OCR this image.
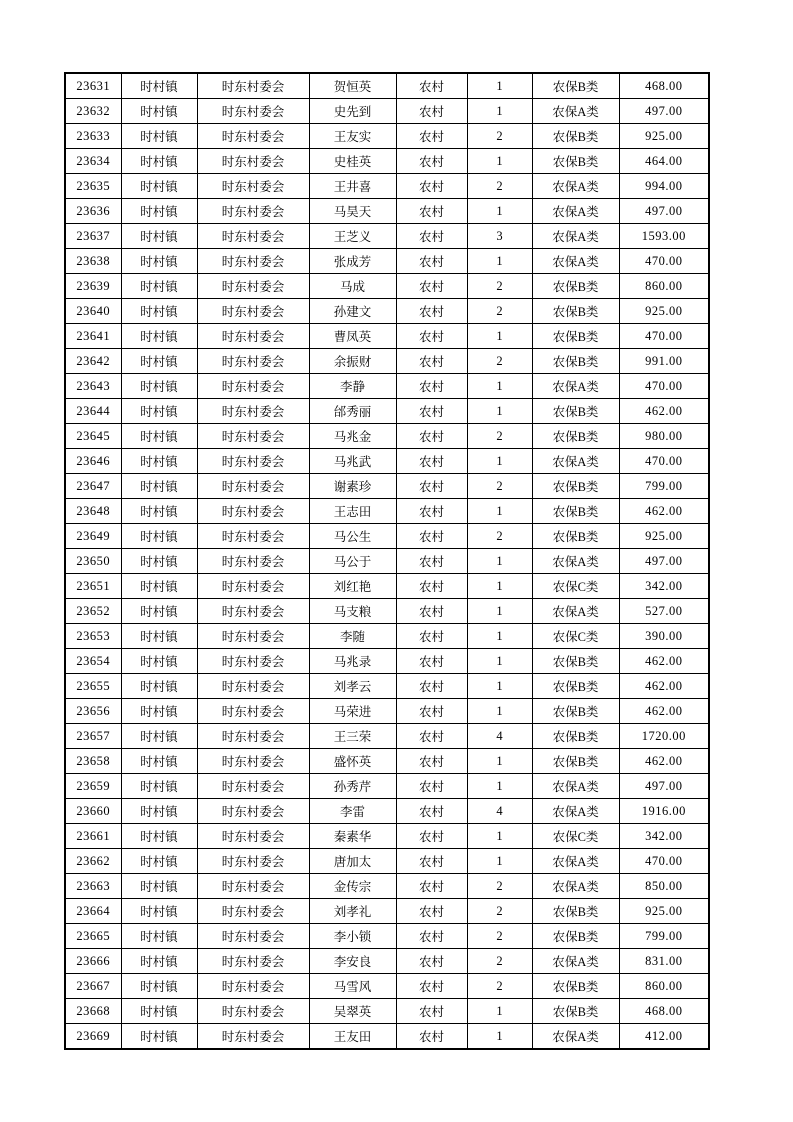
23631	时村镇	时东村委会	贺恒英	农村	1	农保B类	468.00
23632	时村镇	时东村委会	史先到	农村	1	农保A类	497.00
23633	时村镇	时东村委会	王友实	农村	2	农保B类	925.00
23634	时村镇	时东村委会	史桂英	农村	1	农保B类	464.00
23635	时村镇	时东村委会	王井喜	农村	2	农保A类	994.00
23636	时村镇	时东村委会	马昊天	农村	1	农保A类	497.00
23637	时村镇	时东村委会	王芝义	农村	3	农保A类	1593.00
23638	时村镇	时东村委会	张成芳	农村	1	农保A类	470.00
23639	时村镇	时东村委会	马成	农村	2	农保B类	860.00
23640	时村镇	时东村委会	孙建文	农村	2	农保B类	925.00
23641	时村镇	时东村委会	曹凤英	农村	1	农保B类	470.00
23642	时村镇	时东村委会	余振财	农村	2	农保B类	991.00
23643	时村镇	时东村委会	李静	农村	1	农保A类	470.00
23644	时村镇	时东村委会	邰秀丽	农村	1	农保B类	462.00
23645	时村镇	时东村委会	马兆金	农村	2	农保B类	980.00
23646	时村镇	时东村委会	马兆武	农村	1	农保A类	470.00
23647	时村镇	时东村委会	谢素珍	农村	2	农保B类	799.00
23648	时村镇	时东村委会	王志田	农村	1	农保B类	462.00
23649	时村镇	时东村委会	马公生	农村	2	农保B类	925.00
23650	时村镇	时东村委会	马公于	农村	1	农保A类	497.00
23651	时村镇	时东村委会	刘红艳	农村	1	农保C类	342.00
23652	时村镇	时东村委会	马支粮	农村	1	农保A类	527.00
23653	时村镇	时东村委会	李随	农村	1	农保C类	390.00
23654	时村镇	时东村委会	马兆录	农村	1	农保B类	462.00
23655	时村镇	时东村委会	刘孝云	农村	1	农保B类	462.00
23656	时村镇	时东村委会	马荣进	农村	1	农保B类	462.00
23657	时村镇	时东村委会	王三荣	农村	4	农保B类	1720.00
23658	时村镇	时东村委会	盛怀英	农村	1	农保B类	462.00
23659	时村镇	时东村委会	孙秀芹	农村	1	农保A类	497.00
23660	时村镇	时东村委会	李雷	农村	4	农保A类	1916.00
23661	时村镇	时东村委会	秦素华	农村	1	农保C类	342.00
23662	时村镇	时东村委会	唐加太	农村	1	农保A类	470.00
23663	时村镇	时东村委会	金传宗	农村	2	农保A类	850.00
23664	时村镇	时东村委会	刘孝礼	农村	2	农保B类	925.00
23665	时村镇	时东村委会	李小锁	农村	2	农保B类	799.00
23666	时村镇	时东村委会	李安良	农村	2	农保A类	831.00
23667	时村镇	时东村委会	马雪风	农村	2	农保B类	860.00
23668	时村镇	时东村委会	吴翠英	农村	1	农保B类	468.00
23669	时村镇	时东村委会	王友田	农村	1	农保A类	412.00
